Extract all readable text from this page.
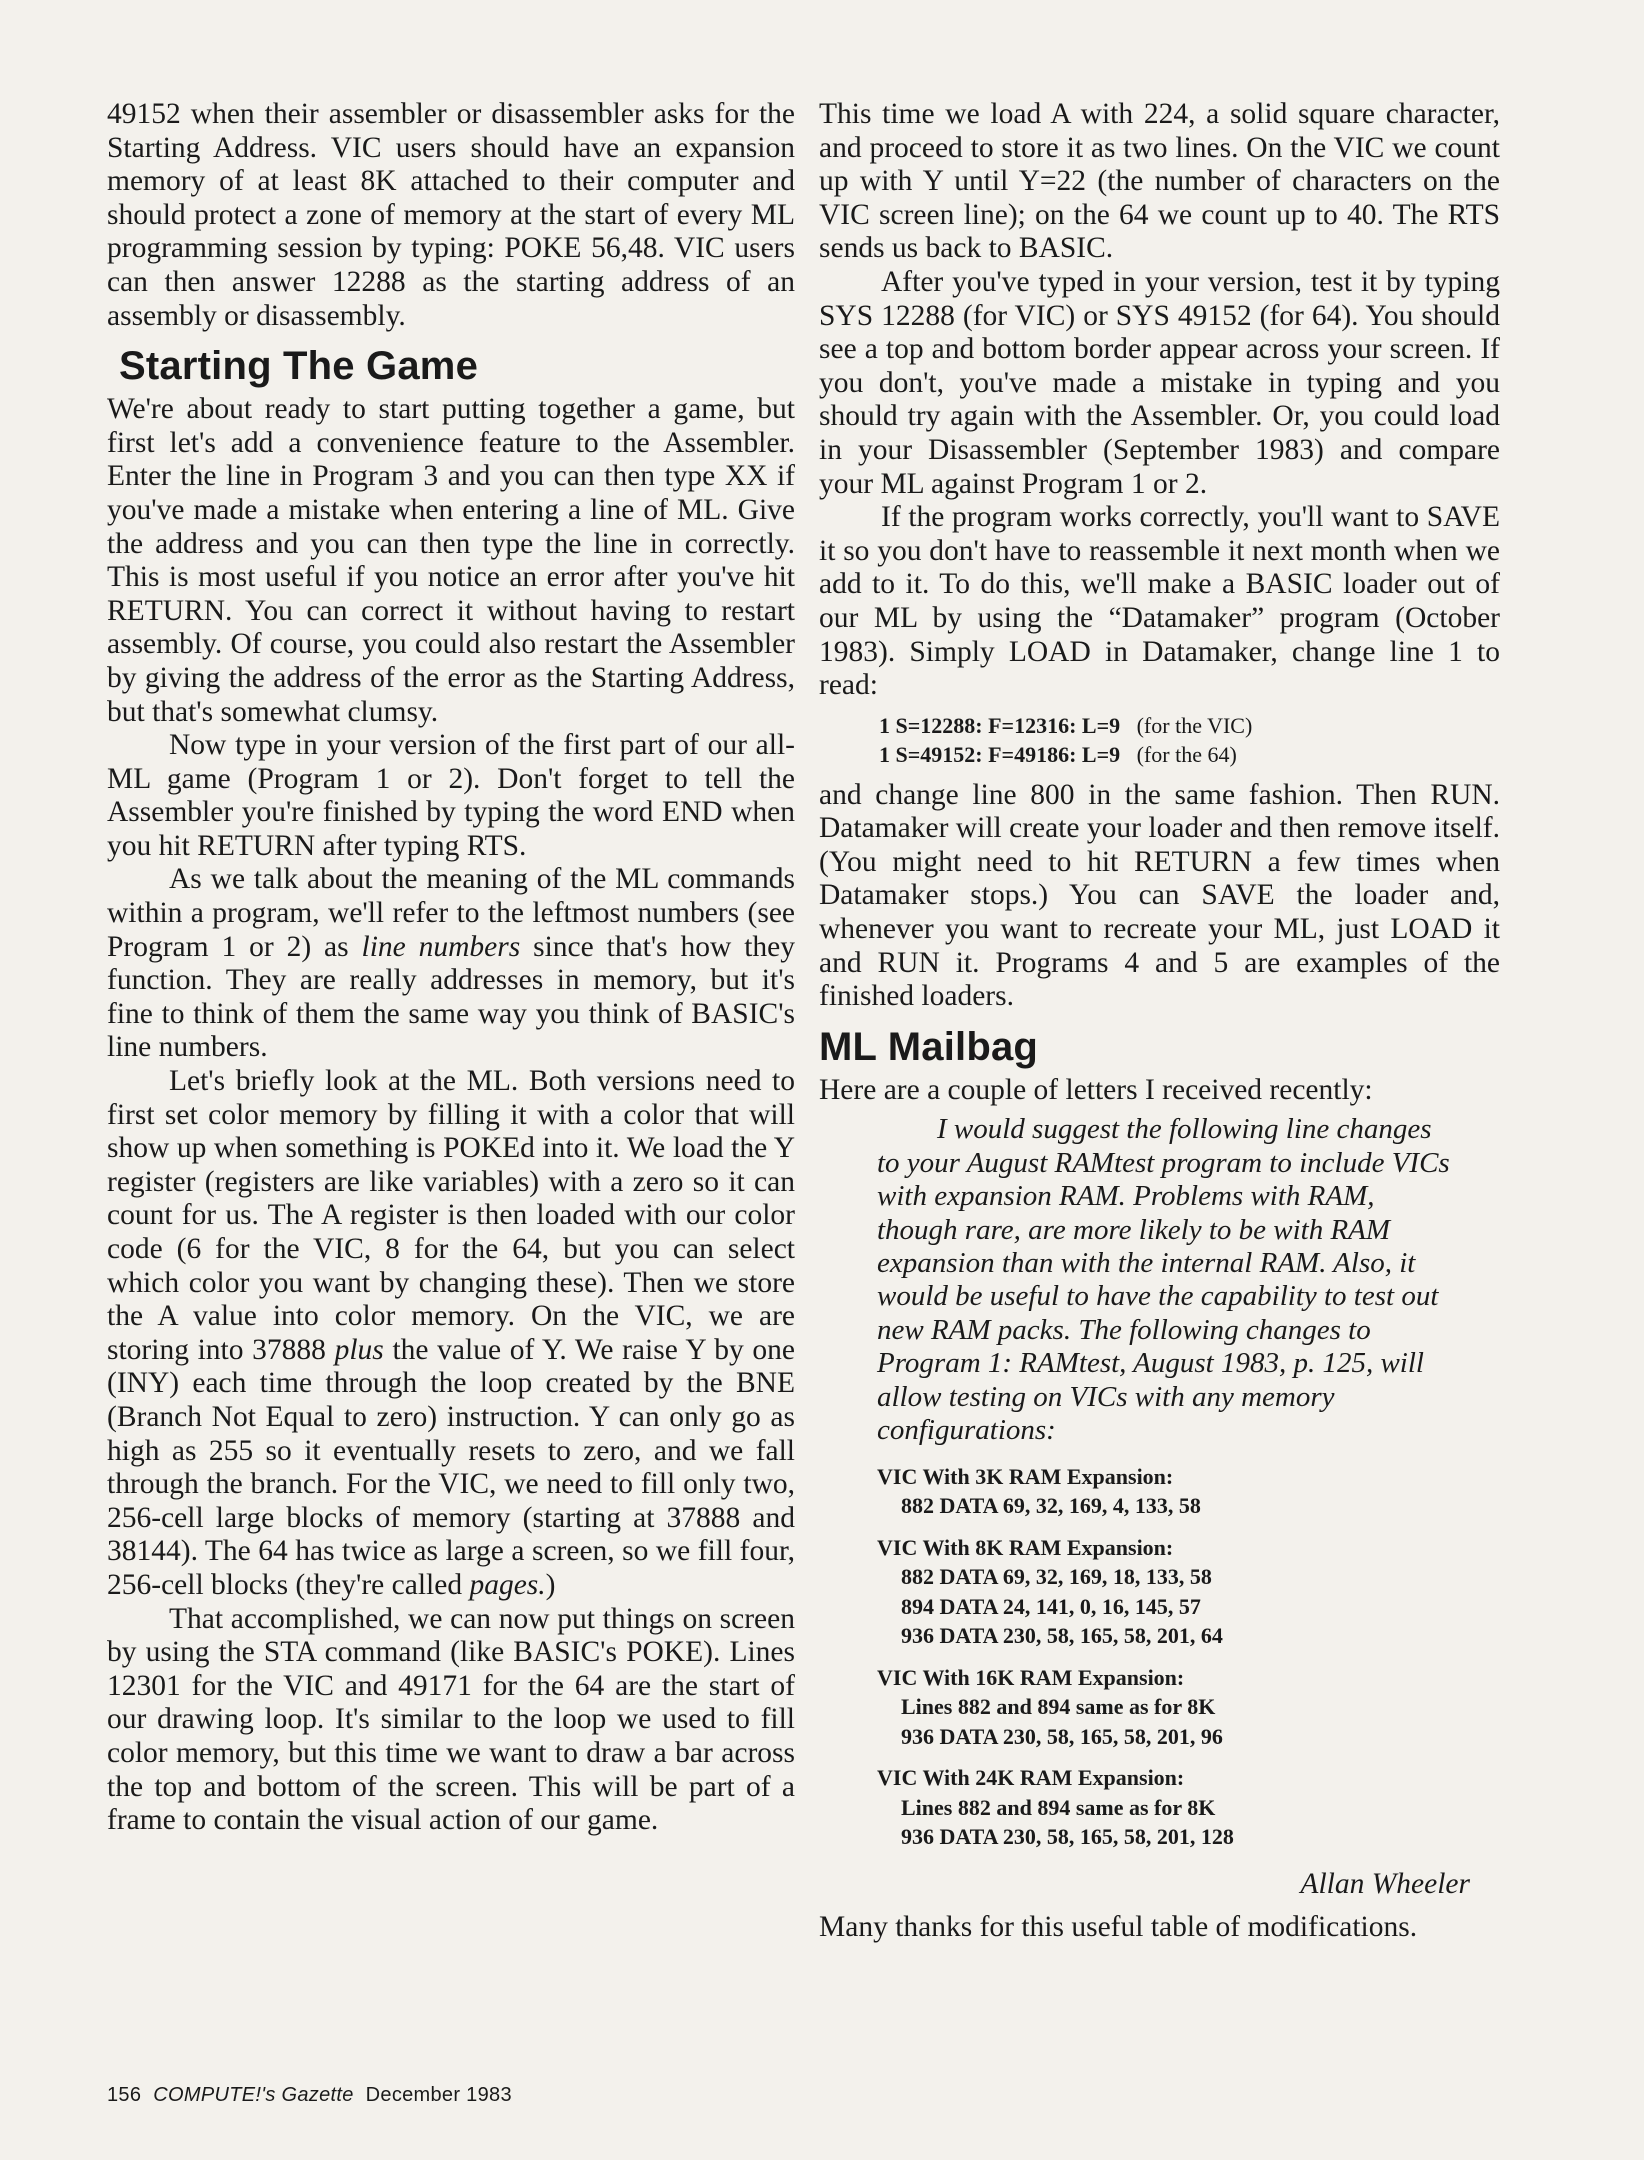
49152 when their assembler or disassembler asks for the Starting Address. VIC users should have an expansion memory of at least 8K attached to their computer and should protect a zone of memory at the start of every ML programming session by typing: POKE 56,48. VIC users can then answer 12288 as the starting address of an assembly or disassembly.

Starting The Game

We're about ready to start putting together a game, but first let's add a convenience feature to the Assembler. Enter the line in Program 3 and you can then type XX if you've made a mistake when entering a line of ML. Give the address and you can then type the line in correctly. This is most useful if you notice an error after you've hit RETURN. You can correct it without having to restart assembly. Of course, you could also restart the Assembler by giving the address of the error as the Starting Address, but that's somewhat clumsy.

Now type in your version of the first part of our all-ML game (Program 1 or 2). Don't forget to tell the Assembler you're finished by typing the word END when you hit RETURN after typing RTS.

As we talk about the meaning of the ML commands within a program, we'll refer to the leftmost numbers (see Program 1 or 2) as line numbers since that's how they function. They are really addresses in memory, but it's fine to think of them the same way you think of BASIC's line numbers.

Let's briefly look at the ML. Both versions need to first set color memory by filling it with a color that will show up when something is POKEd into it. We load the Y register (registers are like variables) with a zero so it can count for us. The A register is then loaded with our color code (6 for the VIC, 8 for the 64, but you can select which color you want by changing these). Then we store the A value into color memory. On the VIC, we are storing into 37888 plus the value of Y. We raise Y by one (INY) each time through the loop created by the BNE (Branch Not Equal to zero) instruction. Y can only go as high as 255 so it eventually resets to zero, and we fall through the branch. For the VIC, we need to fill only two, 256-cell large blocks of memory (starting at 37888 and 38144). The 64 has twice as large a screen, so we fill four, 256-cell blocks (they're called pages.)

That accomplished, we can now put things on screen by using the STA command (like BASIC's POKE). Lines 12301 for the VIC and 49171 for the 64 are the start of our drawing loop. It's similar to the loop we used to fill color memory, but this time we want to draw a bar across the top and bottom of the screen. This will be part of a frame to contain the visual action of our game.

This time we load A with 224, a solid square character, and proceed to store it as two lines. On the VIC we count up with Y until Y=22 (the number of characters on the VIC screen line); on the 64 we count up to 40. The RTS sends us back to BASIC.

After you've typed in your version, test it by typing SYS 12288 (for VIC) or SYS 49152 (for 64). You should see a top and bottom border appear across your screen. If you don't, you've made a mistake in typing and you should try again with the Assembler. Or, you could load in your Disassembler (September 1983) and compare your ML against Program 1 or 2.

If the program works correctly, you'll want to SAVE it so you don't have to reassemble it next month when we add to it. To do this, we'll make a BASIC loader out of our ML by using the “Datamaker” program (October 1983). Simply LOAD in Datamaker, change line 1 to read:

1 S=12288: F=12316: L=9 (for the VIC)
1 S=49152: F=49186: L=9 (for the 64)

and change line 800 in the same fashion. Then RUN. Datamaker will create your loader and then remove itself. (You might need to hit RETURN a few times when Datamaker stops.) You can SAVE the loader and, whenever you want to recreate your ML, just LOAD it and RUN it. Programs 4 and 5 are examples of the finished loaders.

ML Mailbag

Here are a couple of letters I received recently:

I would suggest the following line changes to your August RAMtest program to include VICs with expansion RAM. Problems with RAM, though rare, are more likely to be with RAM expansion than with the internal RAM. Also, it would be useful to have the capability to test out new RAM packs. The following changes to Program 1: RAMtest, August 1983, p. 125, will allow testing on VICs with any memory configurations:

VIC With 3K RAM Expansion:
882 DATA 69, 32, 169, 4, 133, 58
VIC With 8K RAM Expansion:
882 DATA 69, 32, 169, 18, 133, 58
894 DATA 24, 141, 0, 16, 145, 57
936 DATA 230, 58, 165, 58, 201, 64
VIC With 16K RAM Expansion:
Lines 882 and 894 same as for 8K
936 DATA 230, 58, 165, 58, 201, 96
VIC With 24K RAM Expansion:
Lines 882 and 894 same as for 8K
936 DATA 230, 58, 165, 58, 201, 128
Allan Wheeler

Many thanks for this useful table of modifications.

156 COMPUTE!'s Gazette December 1983
